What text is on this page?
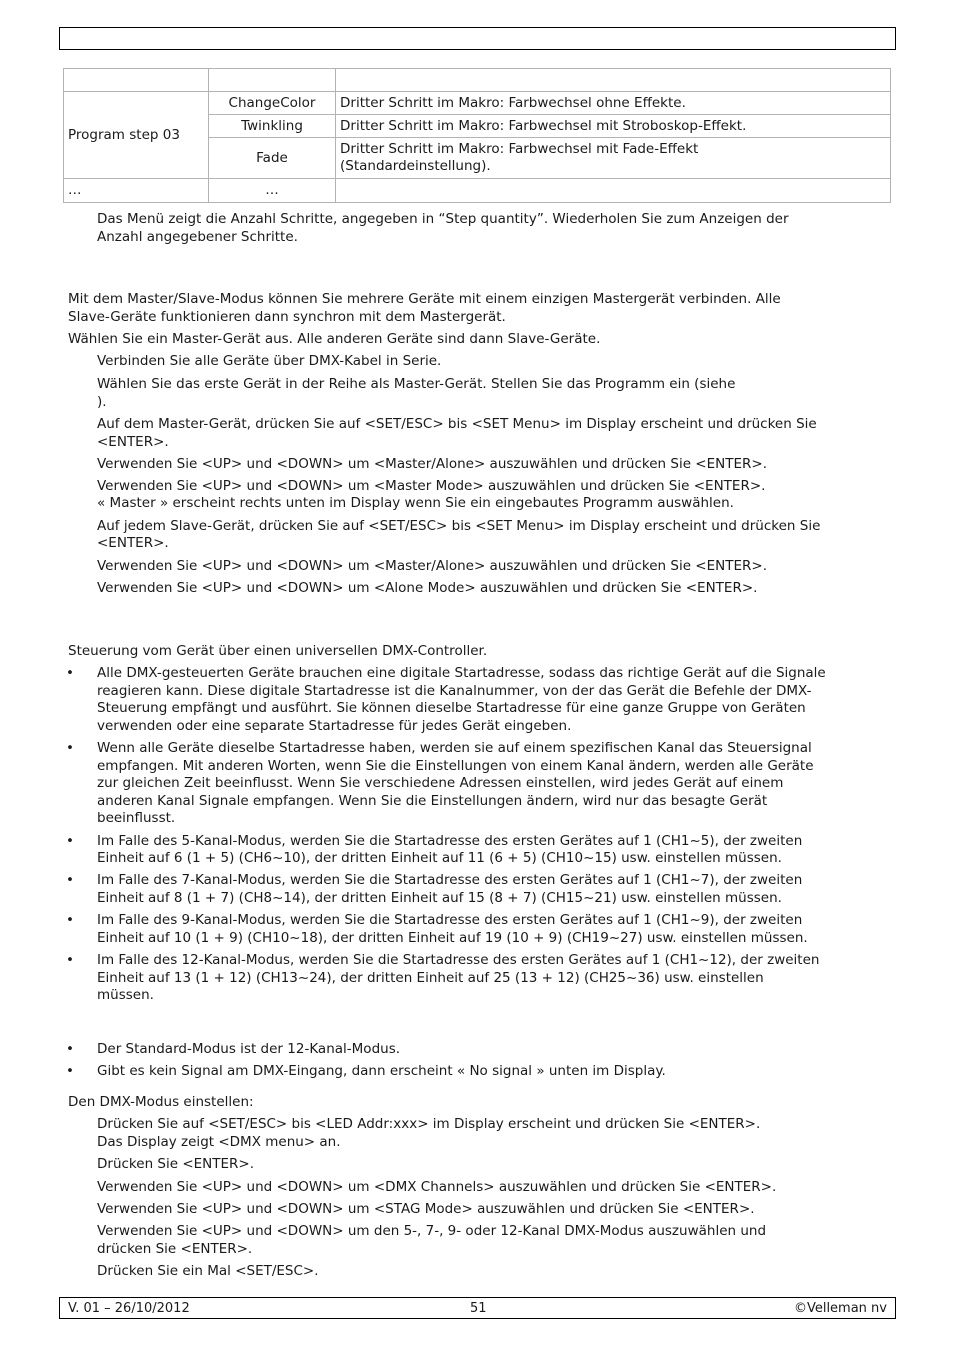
Program step 03	ChangeColor	Dritter Schritt im Makro: Farbwechsel ohne Effekte.
	Twinkling	Dritter Schritt im Makro: Farbwechsel mit Stroboskop-Effekt.
	Fade	Dritter Schritt im Makro: Farbwechsel mit Fade-Effekt
(Standardeinstellung).

…	…	
Das Menü zeigt die Anzahl Schritte, angegeben in “Step quantity”. Wiederholen Sie zum Anzeigen der
Anzahl angegebener Schritte.
Mit dem Master/Slave-Modus können Sie mehrere Geräte mit einem einzigen Mastergerät verbinden. Alle
Slave-Geräte funktionieren dann synchron mit dem Mastergerät.
Wählen Sie ein Master-Gerät aus. Alle anderen Geräte sind dann Slave-Geräte.
Verbinden Sie alle Geräte über DMX-Kabel in Serie.
Wählen Sie das erste Gerät in der Reihe als Master-Gerät. Stellen Sie das Programm ein (siehe
).
Auf dem Master-Gerät, drücken Sie auf <SET/ESC> bis <SET Menu> im Display erscheint und drücken Sie
<ENTER>.
Verwenden Sie <UP> und <DOWN> um <Master/Alone> auszuwählen und drücken Sie <ENTER>.
Verwenden Sie <UP> und <DOWN> um <Master Mode> auszuwählen und drücken Sie <ENTER>.
« Master » erscheint rechts unten im Display wenn Sie ein eingebautes Programm auswählen.
Auf jedem Slave-Gerät, drücken Sie auf <SET/ESC> bis <SET Menu> im Display erscheint und drücken Sie
<ENTER>.
Verwenden Sie <UP> und <DOWN> um <Master/Alone> auszuwählen und drücken Sie <ENTER>.
Verwenden Sie <UP> und <DOWN> um <Alone Mode> auszuwählen und drücken Sie <ENTER>.
Steuerung vom Gerät über einen universellen DMX-Controller.
• Alle DMX-gesteuerten Geräte brauchen eine digitale Startadresse, sodass das richtige Gerät auf die Signale
reagieren kann. Diese digitale Startadresse ist die Kanalnummer, von der das Gerät die Befehle der DMX-
Steuerung empfängt und ausführt. Sie können dieselbe Startadresse für eine ganze Gruppe von Geräten
verwenden oder eine separate Startadresse für jedes Gerät eingeben.
• Wenn alle Geräte dieselbe Startadresse haben, werden sie auf einem spezifischen Kanal das Steuersignal
empfangen. Mit anderen Worten, wenn Sie die Einstellungen von einem Kanal ändern, werden alle Geräte
zur gleichen Zeit beeinflusst. Wenn Sie verschiedene Adressen einstellen, wird jedes Gerät auf einem
anderen Kanal Signale empfangen. Wenn Sie die Einstellungen ändern, wird nur das besagte Gerät
beeinflusst.
• Im Falle des 5-Kanal-Modus, werden Sie die Startadresse des ersten Gerätes auf 1 (CH1~5), der zweiten
Einheit auf 6 (1 + 5) (CH6~10), der dritten Einheit auf 11 (6 + 5) (CH10~15) usw. einstellen müssen.
• Im Falle des 7-Kanal-Modus, werden Sie die Startadresse des ersten Gerätes auf 1 (CH1~7), der zweiten
Einheit auf 8 (1 + 7) (CH8~14), der dritten Einheit auf 15 (8 + 7) (CH15~21) usw. einstellen müssen.
• Im Falle des 9-Kanal-Modus, werden Sie die Startadresse des ersten Gerätes auf 1 (CH1~9), der zweiten
Einheit auf 10 (1 + 9) (CH10~18), der dritten Einheit auf 19 (10 + 9) (CH19~27) usw. einstellen müssen.
• Im Falle des 12-Kanal-Modus, werden Sie die Startadresse des ersten Gerätes auf 1 (CH1~12), der zweiten
Einheit auf 13 (1 + 12) (CH13~24), der dritten Einheit auf 25 (13 + 12) (CH25~36) usw. einstellen
müssen.
• Der Standard-Modus ist der 12-Kanal-Modus.
• Gibt es kein Signal am DMX-Eingang, dann erscheint « No signal » unten im Display.
Den DMX-Modus einstellen:
Drücken Sie auf <SET/ESC> bis <LED Addr:xxx> im Display erscheint und drücken Sie <ENTER>.
Das Display zeigt <DMX menu> an.
Drücken Sie <ENTER>.
Verwenden Sie <UP> und <DOWN> um <DMX Channels> auszuwählen und drücken Sie <ENTER>.
Verwenden Sie <UP> und <DOWN> um <STAG Mode> auszuwählen und drücken Sie <ENTER>.
Verwenden Sie <UP> und <DOWN> um den 5-, 7-, 9- oder 12-Kanal DMX-Modus auszuwählen und
drücken Sie <ENTER>.
Drücken Sie ein Mal <SET/ESC>.
V. 01 – 26/10/2012	51	©Velleman nv
